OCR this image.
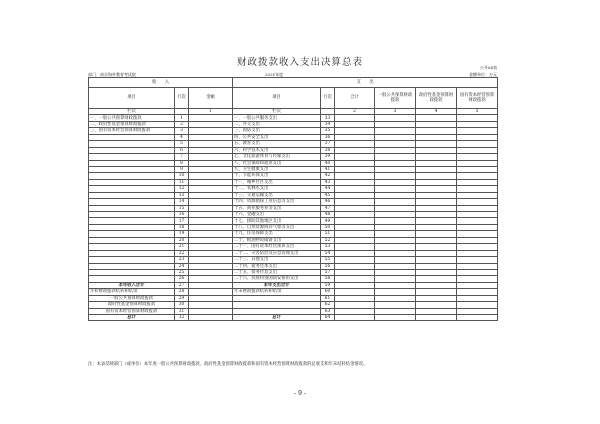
财政拨款收入支出决算总表	公开04表
部门：南京海外教育考试院	2021年度	金额单位：万元
收　　入			支　　出					
项目	行次	金额	项目	行次	合计	一般公共预算财政拨款	政府性基金预算财政拨款	国有资本经营预算财政拨款
栏次		1	栏次		2	3	4	5
一、一般公共预算财政拨款	1		一、一般公共服务支出	33				
二、政府性基金预算财政拨款	2		二、外交支出	34				
三、国有资本经营预算财政拨款	3		三、国防支出	35				
	4		四、公共安全支出	36				
	5		五、教育支出	37				
	6		六、科学技术支出	38				
	7		七、文化旅游体育与传媒支出	39				
	8		八、社会保障和就业支出	40				
	9		九、卫生健康支出	41				
	10		十、节能环保支出	42				
	11		十一、城乡社区支出	43				
	12		十二、农林水支出	44				
	13		十三、交通运输支出	45				
	14		十四、资源勘探工业信息等支出	46				
	15		十五、商业服务业等支出	47				
	16		十六、金融支出	48				
	17		十七、援助其他地区支出	49				
	18		十八、自然资源海洋气象等支出	50				
	19		十九、住房保障支出	51				
	20		二十、粮油物资储备支出	52				
	21		二十一、国有资本经营预算支出	53				
	22		二十二、灾害防治及应急管理支出	54				
	23		二十三、其他支出	55				
	24		二十四、债务还本支出	56				
	25		二十五、债务付息支出	57				
	26		二十六、抗疫特别国债安排的支出	58				
本年收入合计	27		本年支出合计	59				
年初财政拨款结转和结余	28		年末财政拨款结转和结余	60				
一般公共预算财政拨款	29			61				
政府性基金预算财政拨款	30			62				
国有资本经营预算财政拨款	31			63				
总计	32		总计	64				
注：本表反映部门（或单位）本年度一般公共预算财政拨款、政府性基金预算财政拨款和国有资本经营预算财政拨款的总收支和年末结转结余情况。
- 9 -
